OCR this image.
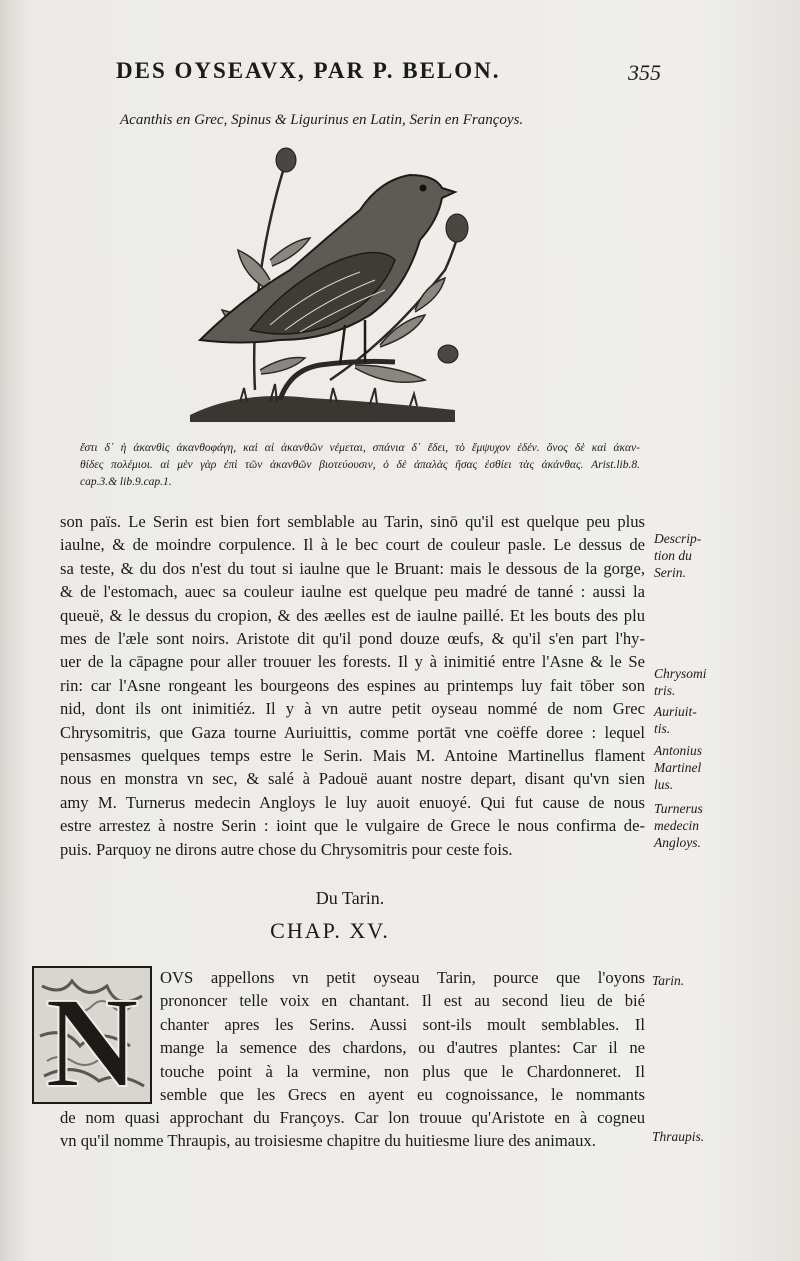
DES OYSEAVX, PAR P. BELON.	355
Acanthis en Grec, Spinus & Ligurinus en Latin, Serin en Françoys.
ἔστι δ᾽ ἡ ἀκανθὶς ἀκανθοφάγη, καὶ αἱ ἀκανθῶν νέμεται, σπάνια δ᾽ ἔδει, τὸ ἔμψυχον ἐδέν. ὄνος δὲ καὶ ἀκαν-
θίδες πολέμιοι. αἱ μὲν γὰρ ἐπὶ τῶν ἀκανθῶν βιοτεύουσιν, ὁ δὲ ἀπαλὰς ἤσας ἐσθίει τὰς ἀκάνθας. Arist.lib.8.
cap.3.& lib.9.cap.1.
son païs. Le Serin est bien fort semblable au Tarin, sinō qu'il est quelque peu plus
iaulne, & de moindre corpulence. Il à le bec court de couleur pasle. Le dessus de
sa teste, & du dos n'est du tout si iaulne que le Bruant: mais le dessous de la gorge,
& de l'estomach, auec sa couleur iaulne est quelque peu madré de tanné : aussi la
queuë, & le dessus du cropion, & des æelles est de iaulne paillé. Et les bouts des plu
mes de l'æle sont noirs. Aristote dit qu'il pond douze œufs, & qu'il s'en part l'hy-
uer de la cāpagne pour aller trouuer les forests. Il y à inimitié entre l'Asne & le Se
rin: car l'Asne rongeant les bourgeons des espines au printemps luy fait tōber son
nid, dont ils ont inimitiéz. Il y à vn autre petit oyseau nommé de nom Grec
Chrysomitris, que Gaza tourne Auriuittis, comme portāt vne coëffe doree : lequel
pensasmes quelques temps estre le Serin. Mais M. Antoine Martinellus flament
nous en monstra vn sec, & salé à Padouë auant nostre depart, disant qu'vn sien
amy M. Turnerus medecin Angloys le luy auoit enuoyé. Qui fut cause de nous
estre arrestez à nostre Serin : ioint que le vulgaire de Grece le nous confirma de-
puis. Parquoy ne dirons autre chose du Chrysomitris pour ceste fois.
Descrip-
tion du
Serin.
Chrysomi
tris.
Auriuit-
tis.
Antonius
Martinel
lus.
Turnerus
medecin
Angloys.
Du Tarin.
CHAP. XV.
N OVS appellons vn petit oyseau Tarin, pource que l'oyons
prononcer telle voix en chantant. Il est au second lieu de bié
chanter apres les Serins. Aussi sont-ils moult semblables. Il
mange la semence des chardons, ou d'autres plantes: Car il ne
touche point à la vermine, non plus que le Chardonneret. Il
semble que les Grecs en ayent eu cognoissance, le nommants
de nom quasi approchant du Françoys. Car lon trouue qu'Aristote en à cogneu
vn qu'il nomme Thraupis, au troisiesme chapitre du huitiesme liure des animaux.
Tarin.
Thraupis.
